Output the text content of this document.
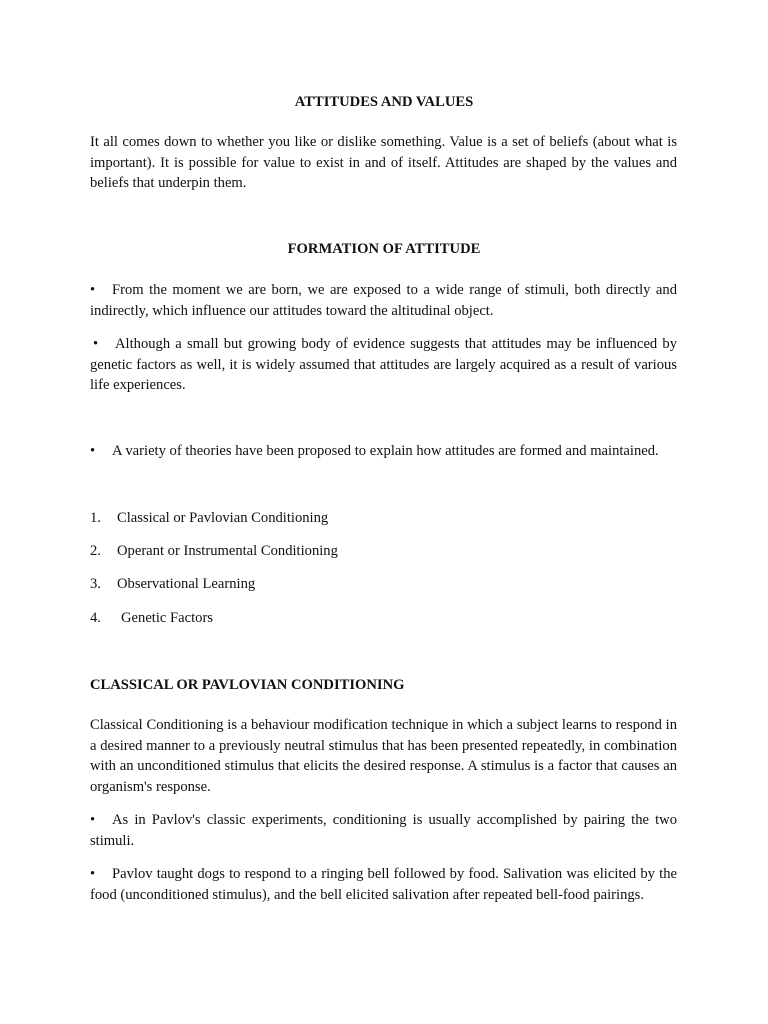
ATTITUDES AND VALUES

It all comes down to whether you like or dislike something. Value is a set of beliefs (about what is important). It is possible for value to exist in and of itself. Attitudes are shaped by the values and beliefs that underpin them.

FORMATION OF ATTITUDE

• From the moment we are born, we are exposed to a wide range of stimuli, both directly and indirectly, which influence our attitudes toward the altitudinal object.

• Although a small but growing body of evidence suggests that attitudes may be influenced by genetic factors as well, it is widely assumed that attitudes are largely acquired as a result of various life experiences.

• A variety of theories have been proposed to explain how attitudes are formed and maintained.

1. Classical or Pavlovian Conditioning
2. Operant or Instrumental Conditioning
3. Observational Learning
4. Genetic Factors
CLASSICAL OR PAVLOVIAN CONDITIONING

Classical Conditioning is a behaviour modification technique in which a subject learns to respond in a desired manner to a previously neutral stimulus that has been presented repeatedly, in combination with an unconditioned stimulus that elicits the desired response. A stimulus is a factor that causes an organism's response.

• As in Pavlov's classic experiments, conditioning is usually accomplished by pairing the two stimuli.

• Pavlov taught dogs to respond to a ringing bell followed by food. Salivation was elicited by the food (unconditioned stimulus), and the bell elicited salivation after repeated bell-food pairings.
